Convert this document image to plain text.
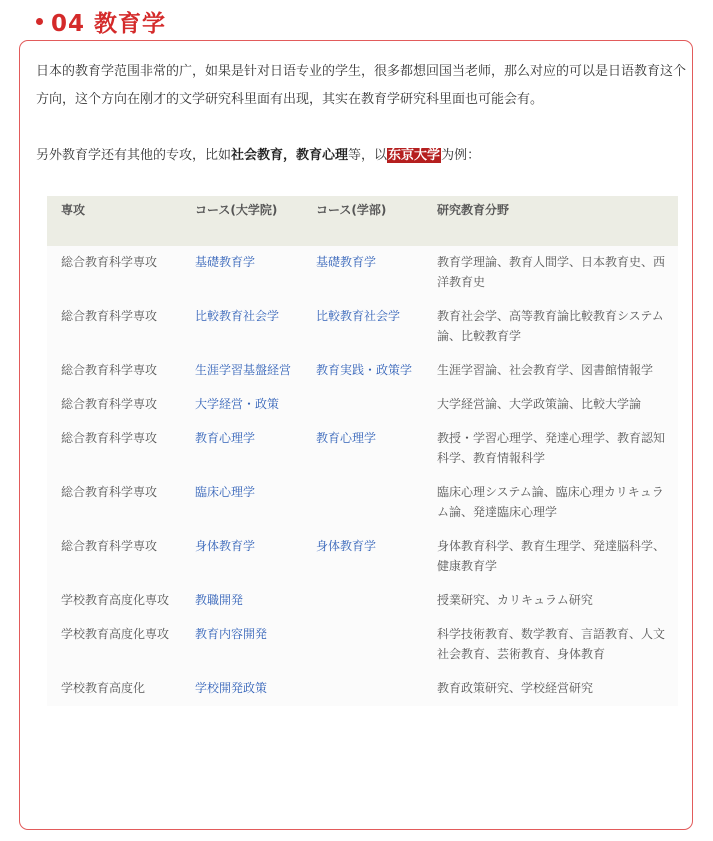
04 教育学

日本的教育学范围非常的广，如果是针对日语专业的学生，很多都想回国当老师，那么对应的可以是日语教育这个方向，这个方向在刚才的文学研究科里面有出现，其实在教育学研究科里面也可能会有。

另外教育学还有其他的专攻，比如社会教育，教育心理等，以东京大学为例：

専攻	コース(大学院)	コース(学部)	研究教育分野
総合教育科学専攻	基礎教育学	基礎教育学	教育学理論、教育人間学、日本教育史、西洋教育史
総合教育科学専攻	比較教育社会学	比較教育社会学	教育社会学、高等教育論比較教育システム論、比較教育学
総合教育科学専攻	生涯学習基盤経営	教育実践・政策学	生涯学習論、社会教育学、図書館情報学
総合教育科学専攻	大学経営・政策		大学経営論、大学政策論、比較大学論
総合教育科学専攻	教育心理学	教育心理学	教授・学習心理学、発達心理学、教育認知科学、教育情報科学
総合教育科学専攻	臨床心理学		臨床心理システム論、臨床心理カリキュラム論、発達臨床心理学
総合教育科学専攻	身体教育学	身体教育学	身体教育科学、教育生理学、発達脳科学、健康教育学
学校教育高度化専攻	教職開発		授業研究、カリキュラム研究
学校教育高度化専攻	教育内容開発		科学技術教育、数学教育、言語教育、人文社会教育、芸術教育、身体教育
学校教育高度化	学校開発政策		教育政策研究、学校経営研究
